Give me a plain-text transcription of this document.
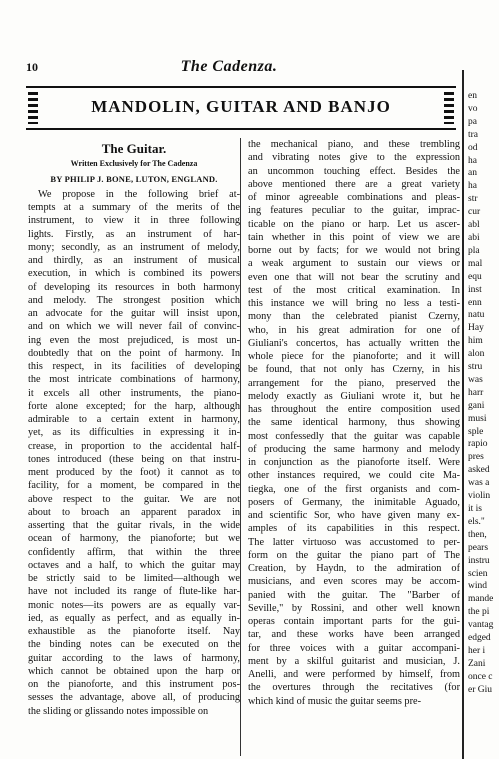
10	The Cadenza.
MANDOLIN, GUITAR AND BANJO
The Guitar.
Written Exclusively for The Cadenza
BY PHILIP J. BONE, LUTON, ENGLAND.
We propose in the following brief at-
tempts at a summary of the merits of the
instrument, to view it in three following
lights. Firstly, as an instrument of har-
mony; secondly, as an instrument of melody,
and thirdly, as an instrument of musical
execution, in which is combined its powers
of developing its resources in both harmony
and melody. The strongest position which
an advocate for the guitar will insist upon,
and on which we will never fail of convinc-
ing even the most prejudiced, is most un-
doubtedly that on the point of harmony. In
this respect, in its facilities of developing
the most intricate combinations of harmony,
it excels all other instruments, the piano-
forte alone excepted; for the harp, although
admirable to a certain extent in harmony,
yet, as its difficulties in expressing it in-
crease, in proportion to the accidental half-
tones introduced (these being on that instru-
ment produced by the foot) it cannot as to
facility, for a moment, be compared in the
above respect to the guitar. We are not
about to broach an apparent paradox in
asserting that the guitar rivals, in the wide
ocean of harmony, the pianoforte; but we
confidently affirm, that within the three
octaves and a half, to which the guitar may
be strictly said to be limited—although we
have not included its range of flute-like har-
monic notes—its powers are as equally var-
ied, as equally as perfect, and as equally in-
exhaustible as the pianoforte itself. Nay
the binding notes can be executed on the
guitar according to the laws of harmony,
which cannot be obtained upon the harp or
on the pianoforte, and this instrument pos-
sesses the advantage, above all, of producing
the sliding or glissando notes impossible on
the mechanical piano, and these trembling
and vibrating notes give to the expression
an uncommon touching effect. Besides the
above mentioned there are a great variety
of minor agreeable combinations and pleas-
ing features peculiar to the guitar, imprac-
ticable on the piano or harp. Let us ascer-
tain whether in this point of view we are
borne out by facts; for we would not bring
a weak argument to sustain our views or
even one that will not bear the scrutiny and
test of the most critical examination. In
this instance we will bring no less a testi-
mony than the celebrated pianist Czerny,
who, in his great admiration for one of
Giuliani's concertos, has actually written the
whole piece for the pianoforte; and it will
be found, that not only has Czerny, in his
arrangement for the piano, preserved the
melody exactly as Giuliani wrote it, but he
has throughout the entire composition used
the same identical harmony, thus showing
most confessedly that the guitar was capable
of producing the same harmony and melody
in conjunction as the pianoforte itself. Were
other instances required, we could cite Ma-
tiegka, one of the first organists and com-
posers of Germany, the inimitable Aguado,
and scientific Sor, who have given many ex-
amples of its capabilities in this respect.
The latter virtuoso was accustomed to per-
form on the guitar the piano part of The
Creation, by Haydn, to the admiration of
musicians, and even scores may be accom-
panied with the guitar. The "Barber of
Seville," by Rossini, and other well known
operas contain important parts for the gui-
tar, and these works have been arranged
for three voices with a guitar accompani-
ment by a skilful guitarist and musician, J.
Anelli, and were performed by himself, from
the overtures through the recitatives (for
which kind of music the guitar seems pre-
en
vo
pa
tra
od
ha
an
ha
str
cur
abl
abi
pla
mal
equ
inst
enn
natu
Hay
him
alon
stru
was
harr
gani
musi
sple
rapio
pres
asked
was a
violin
it is
els."
then,
pears
instru
scien
wind
mande
the pi
vantag
edged
her i
Zani
once c
er Giu
